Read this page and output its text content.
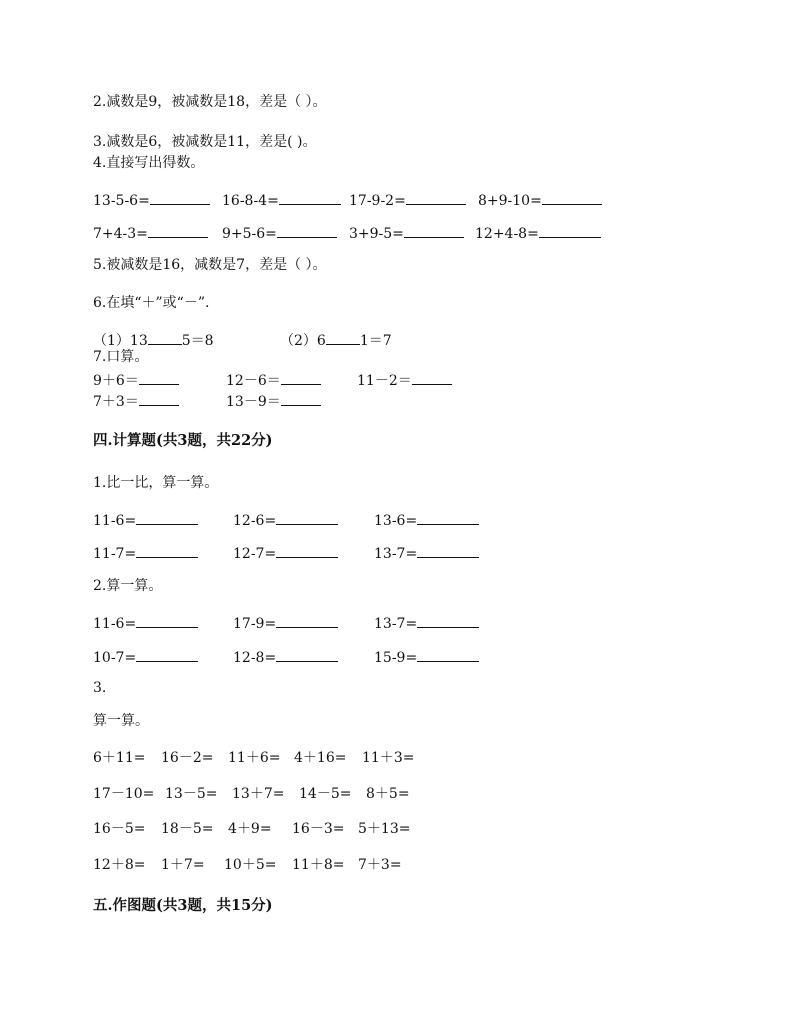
2.减数是9，被减数是18，差是（ ）。
3.减数是6，被减数是11，差是( )。
4.直接写出得数。
13-5-6=	16-8-4=	17-9-2=	8+9-10=
7+4-3=	9+5-6=	3+9-5=	12+4-8=
5.被减数是16，减数是7，差是（ ）。
6.在填“＋”或“－”.
（1）13 5＝8	（2）6 1＝7
7.口算。
9＋6＝	12－6＝	11－2＝
7＋3＝	13－9＝
四.计算题(共3题，共22分)
1.比一比，算一算。
11-6=	12-6=	13-6=
11-7=	12-7=	13-7=
2.算一算。
11-6=	17-9=	13-7=
10-7=	12-8=	15-9=
3.
算一算。
6＋11= 16－2= 11＋6= 4＋16= 11＋3=
17－10= 13－5= 13＋7= 14－5= 8＋5=
16－5= 18－5= 4＋9= 16－3= 5＋13=
12＋8= 1＋7= 10＋5= 11＋8= 7＋3=
五.作图题(共3题，共15分)
